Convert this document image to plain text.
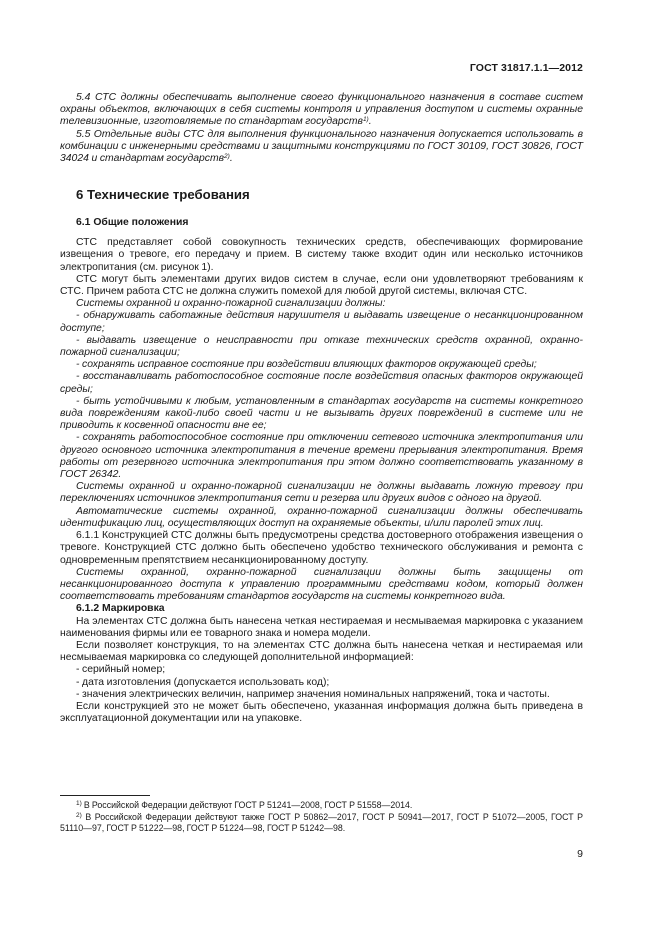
ГОСТ 31817.1.1—2012

5.4 СТС должны обеспечивать выполнение своего функционального назначения в составе систем охраны объектов, включающих в себя системы контроля и управления доступом и системы охранные телевизионные, изготовляемые по стандартам государств$^{1)}$.

5.5 Отдельные виды СТС для выполнения функционального назначения допускается использовать в комбинации с инженерными средствами и защитными конструкциями по ГОСТ 30109, ГОСТ 30826, ГОСТ 34024 и стандартам государств$^{2)}$.

6 Технические требования
6.1 Общие положения

СТС представляет собой совокупность технических средств, обеспечивающих формирование извещения о тревоге, его передачу и прием. В систему также входит один или несколько источников электропитания (см. рисунок 1).

СТС могут быть элементами других видов систем в случае, если они удовлетворяют требованиям к СТС. Причем работа СТС не должна служить помехой для любой другой системы, включая СТС.

Системы охранной и охранно-пожарной сигнализации должны:

- обнаруживать саботажные действия нарушителя и выдавать извещение о несанкционированном доступе;

- выдавать извещение о неисправности при отказе технических средств охранной, охранно-пожарной сигнализации;

- сохранять исправное состояние при воздействии влияющих факторов окружающей среды;

- восстанавливать работоспособное состояние после воздействия опасных факторов окружающей среды;

- быть устойчивыми к любым, установленным в стандартах государств на системы конкретного вида повреждениям какой-либо своей части и не вызывать других повреждений в системе или не приводить к косвенной опасности вне ее;

- сохранять работоспособное состояние при отключении сетевого источника электропитания или другого основного источника электропитания в течение времени прерывания электропитания. Время работы от резервного источника электропитания при этом должно соответствовать указанному в ГОСТ 26342.

Системы охранной и охранно-пожарной сигнализации не должны выдавать ложную тревогу при переключениях источников электропитания сети и резерва или других видов с одного на другой.

Автоматические системы охранной, охранно-пожарной сигнализации должны обеспечивать идентификацию лиц, осуществляющих доступ на охраняемые объекты, и/или паролей этих лиц.

6.1.1 Конструкцией СТС должны быть предусмотрены средства достоверного отображения извещения о тревоге. Конструкцией СТС должно быть обеспечено удобство технического обслуживания и ремонта с одновременным препятствием несанкционированному доступу.

Системы охранной, охранно-пожарной сигнализации должны быть защищены от несанкционированного доступа к управлению программными средствами кодом, который должен соответствовать требованиям стандартов государств на системы конкретного вида.

6.1.2 Маркировка

На элементах СТС должна быть нанесена четкая нестираемая и несмываемая маркировка с указанием наименования фирмы или ее товарного знака и номера модели.

Если позволяет конструкция, то на элементах СТС должна быть нанесена четкая и нестираемая или несмываемая маркировка со следующей дополнительной информацией:

- серийный номер;

- дата изготовления (допускается использовать код);

- значения электрических величин, например значения номинальных напряжений, тока и частоты.

Если конструкцией это не может быть обеспечено, указанная информация должна быть приведена в эксплуатационной документации или на упаковке.

$^{1)}$ В Российской Федерации действуют ГОСТ Р 51241—2008, ГОСТ Р 51558—2014.

$^{2)}$ В Российской Федерации действуют также ГОСТ Р 50862—2017, ГОСТ Р 50941—2017, ГОСТ Р 51072—2005, ГОСТ Р 51110—97, ГОСТ Р 51222—98, ГОСТ Р 51224—98, ГОСТ Р 51242—98.

9
